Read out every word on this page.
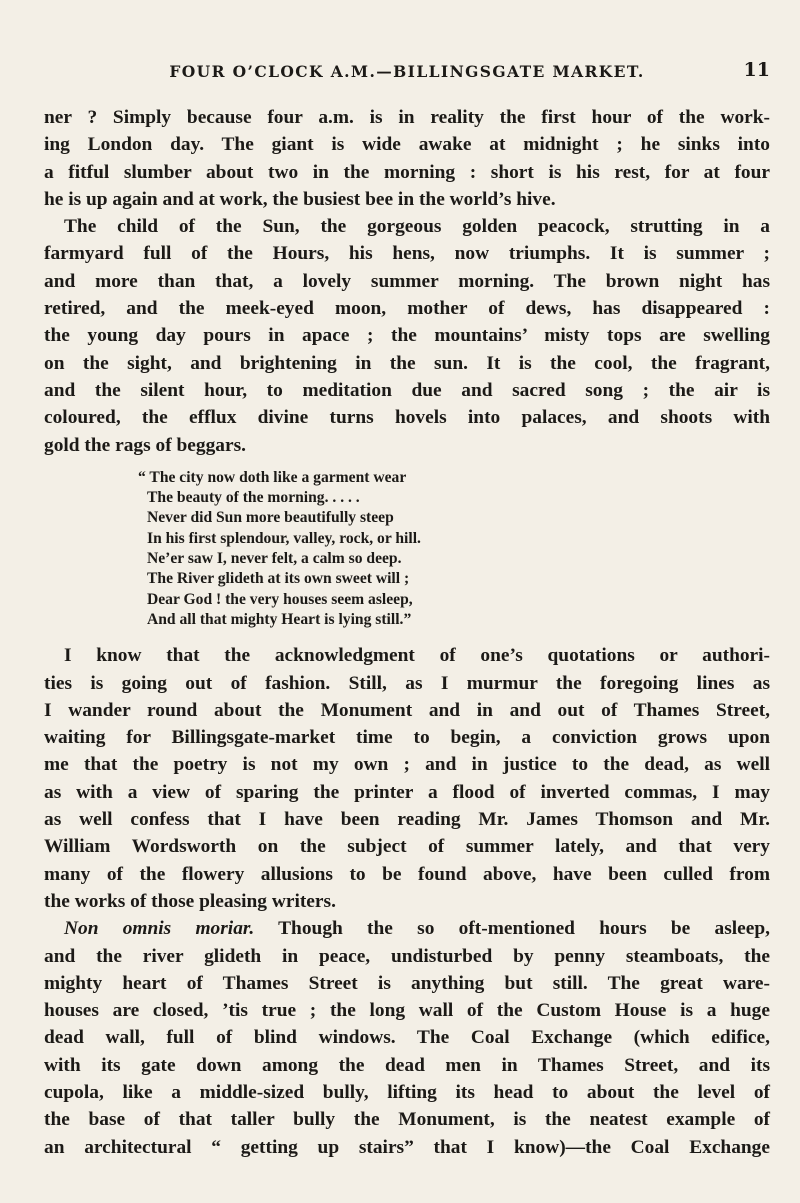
FOUR O’CLOCK A.M.—BILLINGSGATE MARKET.	11

ner ? Simply because four a.m. is in reality the first hour of the work-
ing London day. The giant is wide awake at midnight ; he sinks into
a fitful slumber about two in the morning : short is his rest, for at four
he is up again and at work, the busiest bee in the world’s hive.

The child of the Sun, the gorgeous golden peacock, strutting in a
farmyard full of the Hours, his hens, now triumphs. It is summer ;
and more than that, a lovely summer morning. The brown night has
retired, and the meek-eyed moon, mother of dews, has disappeared :
the young day pours in apace ; the mountains’ misty tops are swelling
on the sight, and brightening in the sun. It is the cool, the fragrant,
and the silent hour, to meditation due and sacred song ; the air is
coloured, the efflux divine turns hovels into palaces, and shoots with
gold the rags of beggars.

“ The city now doth like a garment wear
The beauty of the morning. . . . .
Never did Sun more beautifully steep
In his first splendour, valley, rock, or hill.
Ne’er saw I, never felt, a calm so deep.
The River glideth at its own sweet will ;
Dear God ! the very houses seem asleep,
And all that mighty Heart is lying still.”

I know that the acknowledgment of one’s quotations or authori-
ties is going out of fashion. Still, as I murmur the foregoing lines as
I wander round about the Monument and in and out of Thames Street,
waiting for Billingsgate-market time to begin, a conviction grows upon
me that the poetry is not my own ; and in justice to the dead, as well
as with a view of sparing the printer a flood of inverted commas, I may
as well confess that I have been reading Mr. James Thomson and Mr.
William Wordsworth on the subject of summer lately, and that very
many of the flowery allusions to be found above, have been culled from
the works of those pleasing writers.

Non omnis moriar. Though the so oft-mentioned hours be asleep,
and the river glideth in peace, undisturbed by penny steamboats, the
mighty heart of Thames Street is anything but still. The great ware-
houses are closed, ’tis true ; the long wall of the Custom House is a huge
dead wall, full of blind windows. The Coal Exchange (which edifice,
with its gate down among the dead men in Thames Street, and its
cupola, like a middle-sized bully, lifting its head to about the level of
the base of that taller bully the Monument, is the neatest example of
an architectural “ getting up stairs” that I know)—the Coal Exchange
